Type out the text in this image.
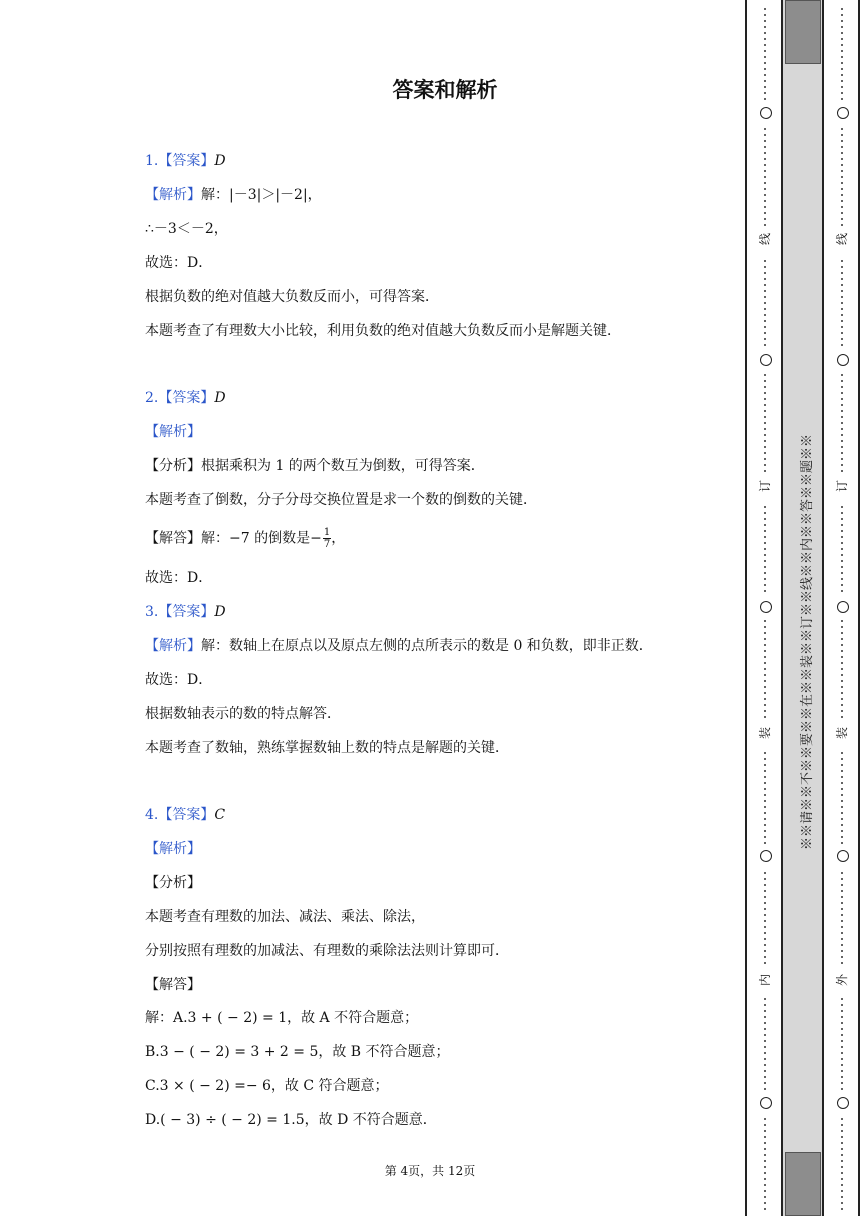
答案和解析
1.【答案】D
【解析】解：|－3|＞|－2|，
∴－3＜－2，
故选：D．
根据负数的绝对值越大负数反而小，可得答案．
本题考查了有理数大小比较，利用负数的绝对值越大负数反而小是解题关键．
2.【答案】D
【解析】
【分析】根据乘积为 1 的两个数互为倒数，可得答案．
本题考查了倒数，分子分母交换位置是求一个数的倒数的关键．
【解答】解：−7 的倒数是− $\frac{1}{7}$ ，
故选：D．
3.【答案】D
【解析】解：数轴上在原点以及原点左侧的点所表示的数是 0 和负数，即非正数．
故选：D．
根据数轴表示的数的特点解答．
本题考查了数轴，熟练掌握数轴上数的特点是解题的关键．
4.【答案】C
【解析】
【分析】
本题考查有理数的加法、减法、乘法、除法，
分别按照有理数的加减法、有理数的乘除法法则计算即可．
【解答】
解：A.3 + ( − 2) = 1，故 A 不符合题意；
B.3 − ( − 2) = 3 + 2 = 5，故 B 不符合题意；
C.3 × ( − 2) =− 6，故 C 符合题意；
D.( − 3) ÷ ( − 2) = 1.5，故 D 不符合题意．
第 4页，共 12页
※※请※※不※※要※※在※※装※※订※※线※※内※※答※※题※※
线
订
装
内
线
订
装
外
